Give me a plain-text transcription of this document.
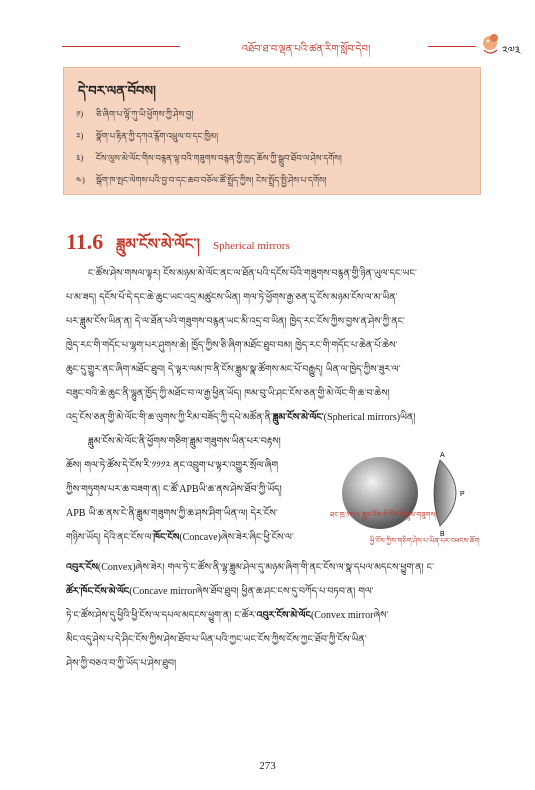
འཐོབ་ཐ་བ་ལྡན་པའི་ཚན་རིག་སློབ་དེབ།	༢༧༣
དེ་བར་ལན་བོབས།
༡) ཅི་ཞིག་པ་ལྷོ་ཀུ་ཡི་ཕྱོགས་ཀྱི་ཤེས་བྱ།
༢) སྣོག་པ་རྟིན་ཀྱི་དཀའ་རྙོག་འཕྲུལ་བ་དང་ཁྱིམ།
༣) ངོས་ལུས་མེ་ལོང་གིས་བརྙན་ལྷ་བའི་གཟུགས་བརྙན་གྱི་ཁྱད་ཆོས་ཀྱི་སྒྲུབ་ཐོབ་ལ་ཤེས་དགོས།
༤) སྒོག་ཁ་སྤང་ལེགས་པའི་བྱ་བ་དང་ཆབ་བཅོལ་ཚོ་སྤྲོད་ཀྱིས། ངེས་སྤྲོད་སྤྱི་ཤེས་པ་དགོས།
11.6 ཟླུམ་ངོས་མེ་ལོང་། Spherical mirrors
ང་ཚོས་ཤེས་གསལ་ལྟར། ངོས་མཉམ་མེ་ལོང་ནང་ལ་ཐོན་པའི་དངོས་པོའི་གཟུགས་བརྙན་གྱི་ཉིན་ཡུལ་དང་ཡང་
པ་མ་ཟད། དངོས་པོ་དེ་དང་ཆེ་ཆུང་ཡང་འདྲ་མཚུངས་ཡིན། གལ་ཏེ་ཕྱོགས་རྒྱ་ཅན་དུ་ངོས་མཉམ་ངོས་ལ་མ་ཡིན་
པར་ཟླུམ་ངོས་ཡིན་ན། དེ་ལ་ཐོན་པའི་གཟུགས་བརྙན་ཡང་མི་འདྲ་བ་ཡིན། ཁྱེད་རང་ངོས་ཀྱིས་བྱས་ན་ཤེས་ཀྱི་ནང་
ཁྱེད་རང་གི་གདོང་པ་ལྷག་པར་ཤུགས་ཆེ། ཁྱོད་ཀྱིས་ཅི་ཞིག་མཐོང་ཐུབ་བམ། ཁྱེད་རང་གི་གདོང་པ་ཆེན་པོ་ཆེས་
ཆུང་དུ་གྱུར་ནང་ཞིག་མཐོང་ཐུབ། དེ་ལྟར་ལམ་ཁ་ནི་ངོས་ཟླུམ་སྣ་ཚོགས་མང་པོ་བརྒྱུད། ཡིན་ལ་ཁྱེད་ཀྱིས་ཟུར་ལ་
བཟུང་བའི་ཆེ་ཆུང་ནི་ལྷུན་ཁྱོད་ཀྱི་མཐོང་བ་ལ་རྒྱ་ཕྱིན་ཡོད། ཁམ་བུ་ཡི་ཤང་ངོས་ཅན་གྱི་མེ་ལོང་གི་ཆ་བ་ཆེས།
འདྲ་ངོས་ཅན་གྱི་མེ་ལོང་གི་ཆ་ལུགས་ཀྱི་རིམ་བཟོད་ཀྱི་དཔེ་མཚོན་ནི་ཟླུམ་ངོས་མེ་ལོང་(Spherical mirrors)ཡིན།
ཟླུམ་ངོས་མེ་ལོང་ནི་ཕྱོགས་གཅིག་ཟླུམ་གཟུགས་ཡིན་པར་བརྟས།
ཆོས། གལ་ཏེ་ཚོས་དེ་ངོས་རི་༡༡༡༢ ནང་འབྲུག་པ་ལྟར་འགྱུར་སྲོལ་ཞིག
ཀྱིས་གཏུགས་པར་ཆ་བཟག་ན། ང་ཚོ་APBཡི་ཆ་ནས་ཤེས་ཐོབ་ཀྱི་ཡོད།
APB ཡི་ཆ་ནས་ངེ་ནི་ཟླུམ་གཟུགས་ཀྱི་ཆ་ཤས་ཤིག་ཡིན་ལ། དེར་ངོས་
A
P
B
གཉིས་ཡོད། དེའི་ནང་ངོས་ལ་ཁོང་ངོས(Concave)ཞེས་ཟེར་ཞིང་ཕྱི་ངོས་ལ་
ཐང་ཁྲ་༡༡༡༢ ཟླུམ་ངོས་མེ་ལོང་ནི་ཟླུམ་གཟུགས།
ཕྱི་ངོས་ཀྱིས་གཅིག་ཤེས་པ་ཡིན་པར་འཕངས་ཆོག
འབུར་ངོས(Convex)ཞེས་ཟེར། གལ་ཏེ་ང་ཚོས་ནི་ལྷ་ཟླུམ་ཤེལ་དུ་མཉམ་ཞིག་གི་ནང་ངོས་ལ་སྣ་དཔལ་མདངས་ཕྱུག་ན། ང་
ཚོར་ཁོང་ངོས་མེ་ལོང(Concave mirrorཞེས་ཐོབ་ཐུབ། ཕྱིན་ཆ་ཤང་ངས་དུ་བཀོད་པ་བཏབ་ན། གལ་
ཏེ་ང་ཚོས་ཤེས་དུ་ཕྱིའི་ཕྱི་ངོས་ལ་དཔལ་མདངས་ཕྱུག་ན། ང་ཚོར་འབུར་ངོས་མེ་ལོང(Convex mirrorཞེས་
མིང་འདུ་ཤེས་པ་དེ་ཤིང་ངོས་ཀྱིས་ཤེས་ཐོབ་པ་ཡིན་པའི་ཀྱང་ཡང་ངོས་ཀྱིས་ངོས་ཀྱང་ཐོབ་ཀྱི་ངོས་ཡིན་
ཤེས་ཀྱི་བཅའ་བ་ཀྱི་ཡོད་པ་ཤེས་ཐུབ།
273
